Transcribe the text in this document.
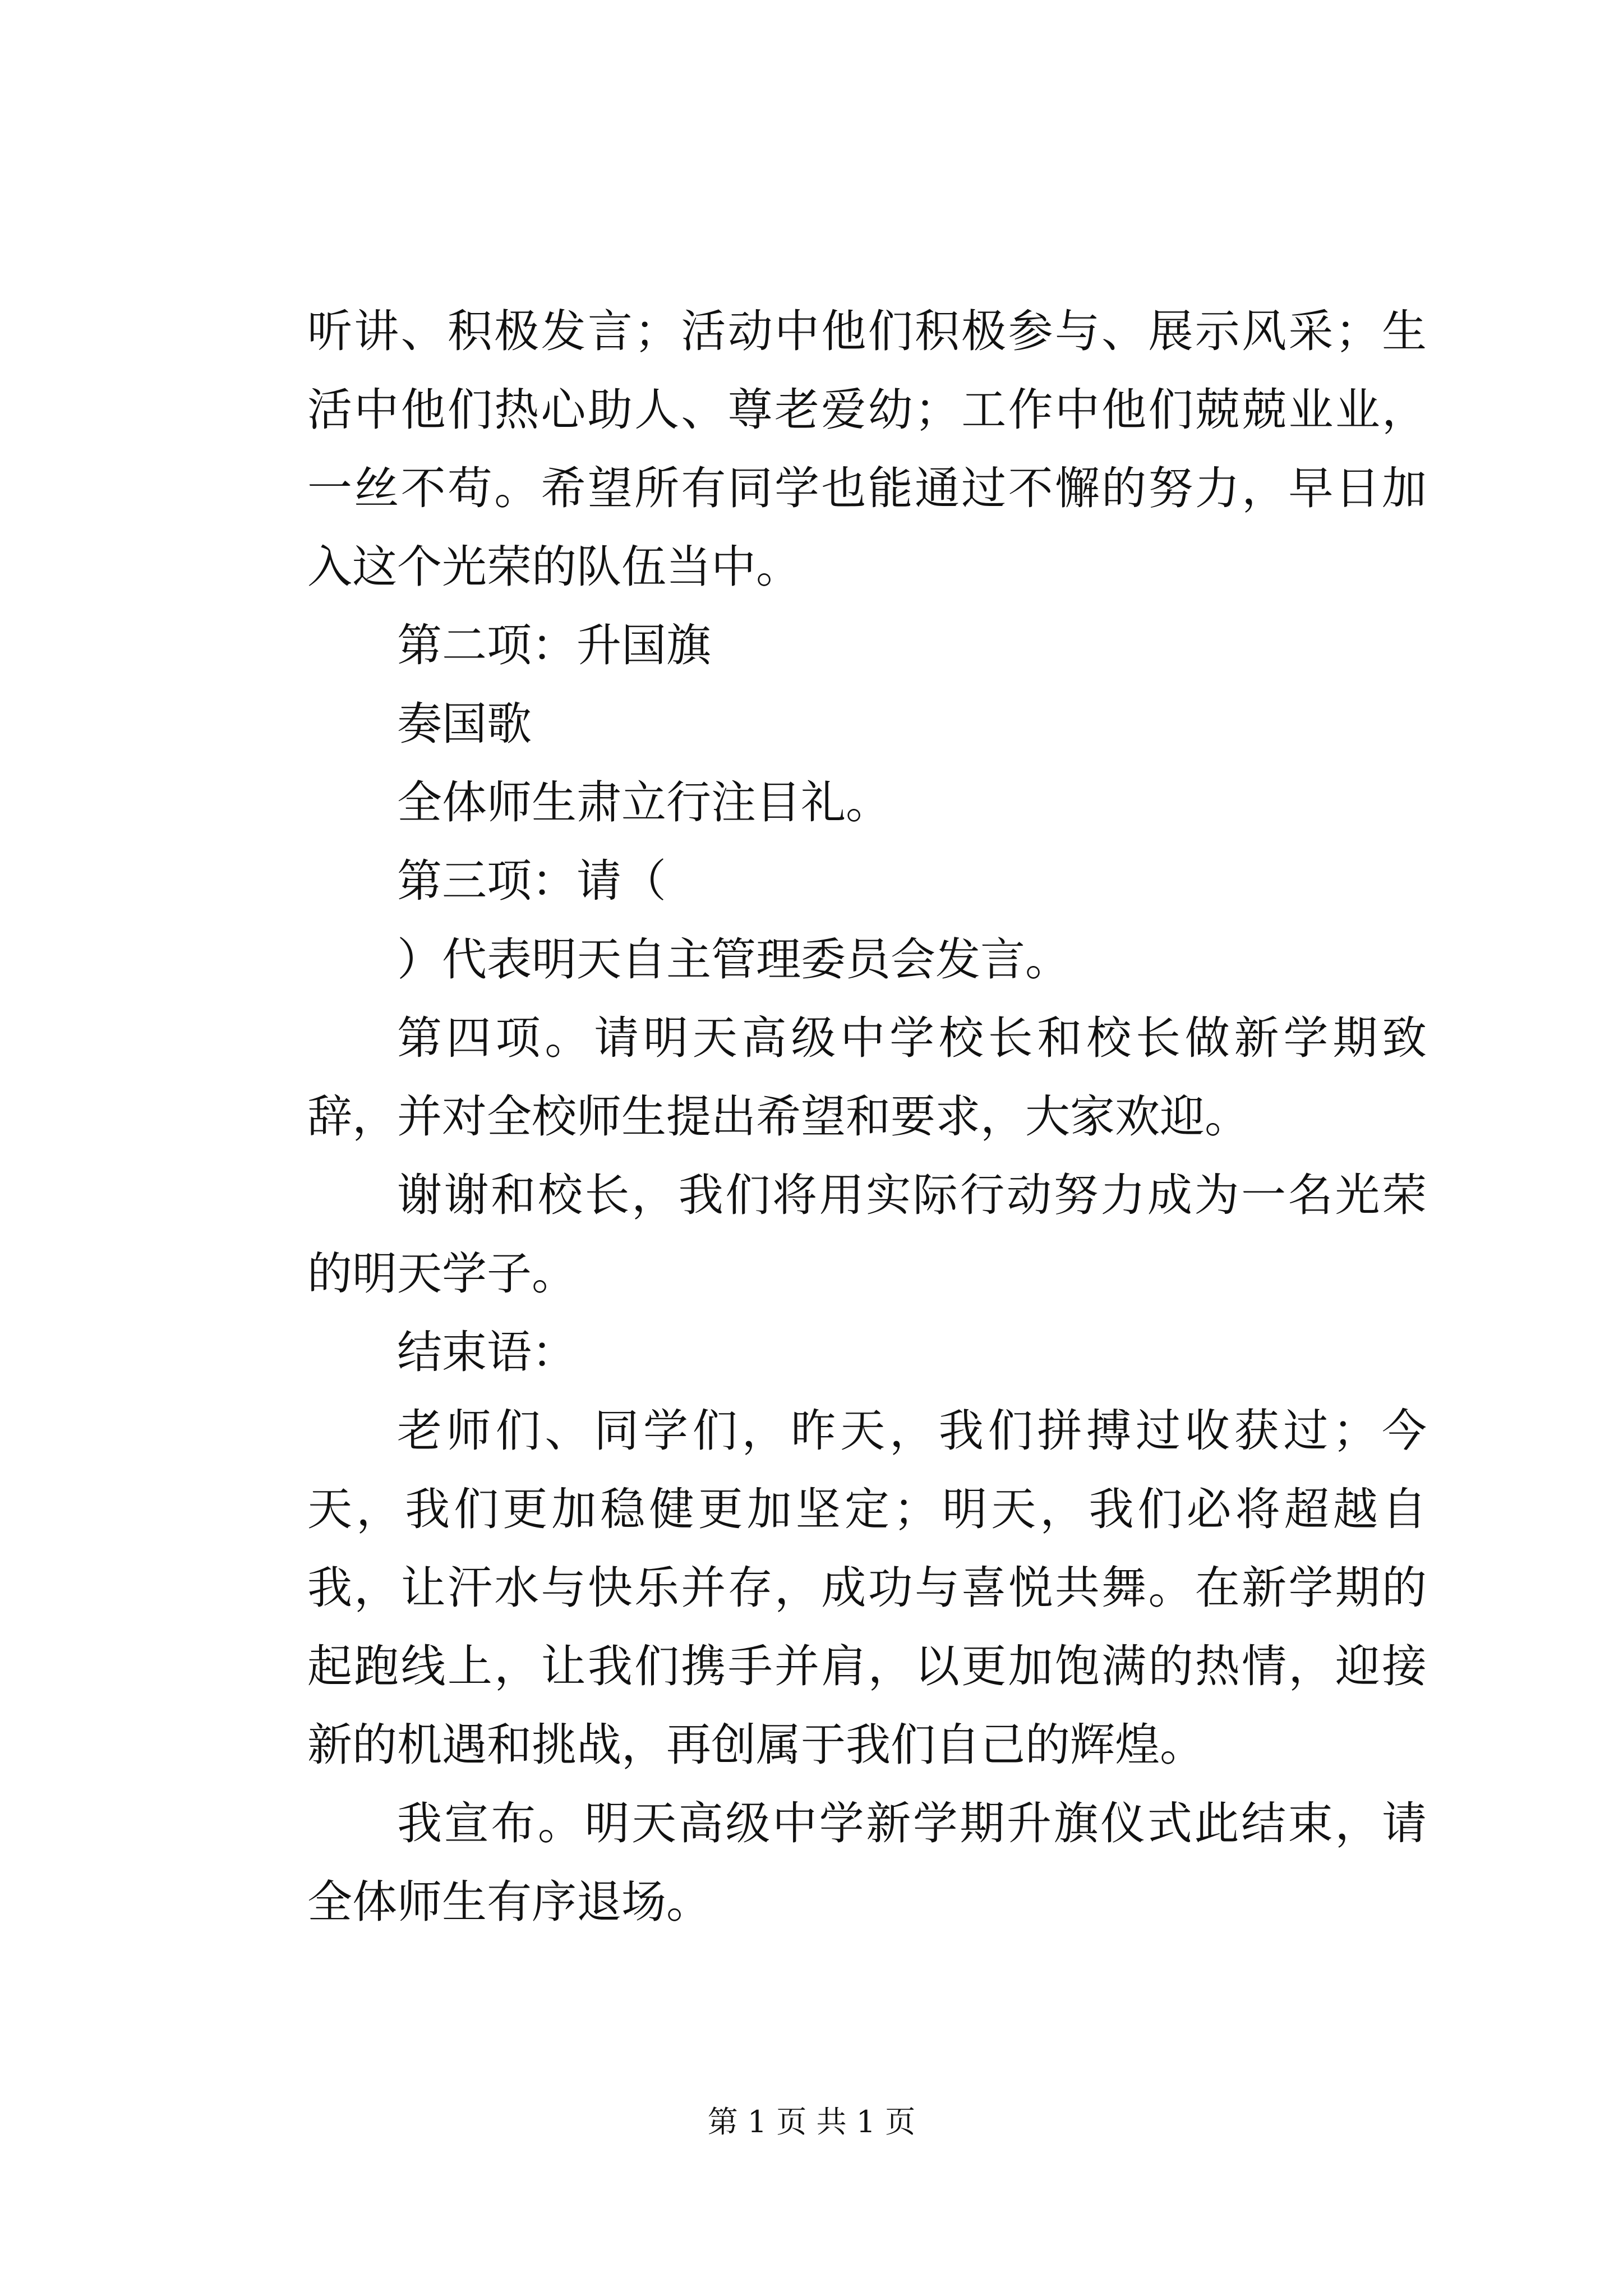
听讲、积极发言；活动中他们积极参与、展示风采；生活中他们热心助人、尊老爱幼；工作中他们兢兢业业，一丝不苟。希望所有同学也能通过不懈的努力，早日加入这个光荣的队伍当中。

第二项：升国旗

奏国歌

全体师生肃立行注目礼。

第三项：请（

）代表明天自主管理委员会发言。

第四项。请明天高级中学校长和校长做新学期致辞，并对全校师生提出希望和要求，大家欢迎。

谢谢和校长，我们将用实际行动努力成为一名光荣的明天学子。

结束语：

老师们、同学们，昨天，我们拼搏过收获过；今天，我们更加稳健更加坚定；明天，我们必将超越自我，让汗水与快乐并存，成功与喜悦共舞。在新学期的起跑线上，让我们携手并肩，以更加饱满的热情，迎接新的机遇和挑战，再创属于我们自己的辉煌。

我宣布。明天高级中学新学期升旗仪式此结束，请全体师生有序退场。

第 1 页 共 1 页
